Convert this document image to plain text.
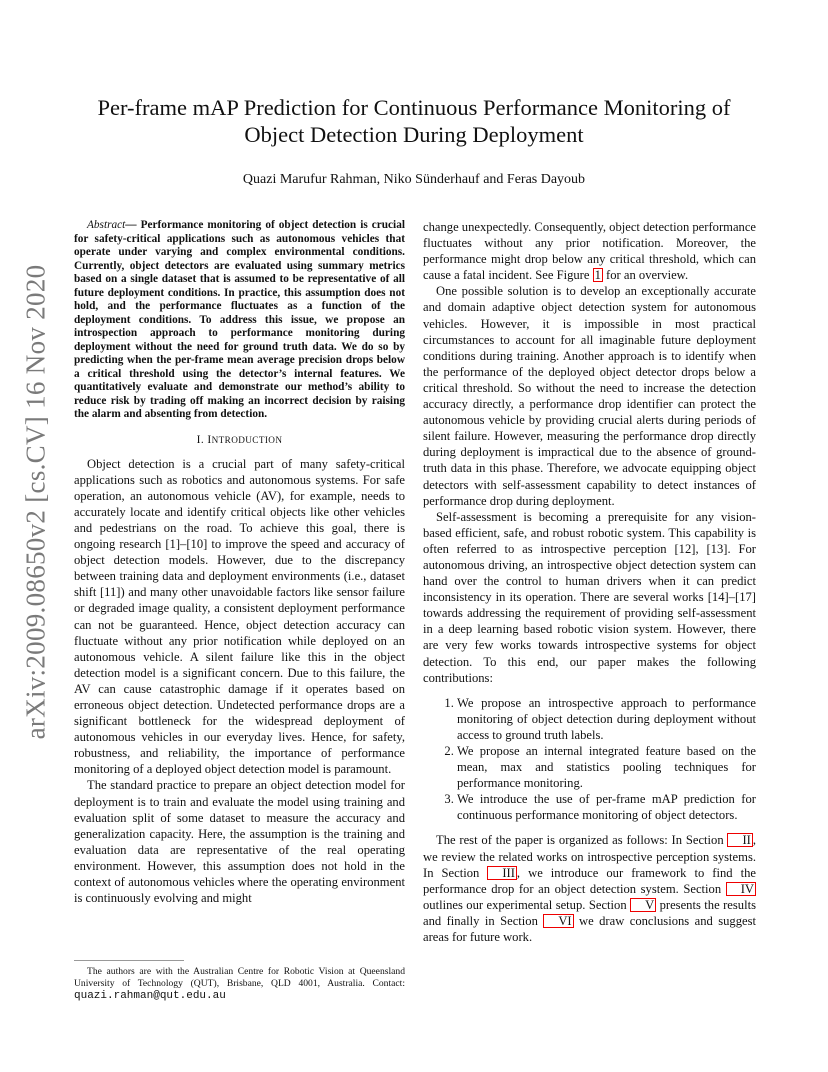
arXiv:2009.08650v2 [cs.CV] 16 Nov 2020
Per-frame mAP Prediction for Continuous Performance Monitoring of
Object Detection During Deployment
Quazi Marufur Rahman, Niko Sünderhauf and Feras Dayoub

Abstract— Performance monitoring of object detection is crucial for safety-critical applications such as autonomous vehicles that operate under varying and complex environmental conditions. Currently, object detectors are evaluated using summary metrics based on a single dataset that is assumed to be representative of all future deployment conditions. In practice, this assumption does not hold, and the performance fluctuates as a function of the deployment conditions. To address this issue, we propose an introspection approach to performance monitoring during deployment without the need for ground truth data. We do so by predicting when the per-frame mean average precision drops below a critical threshold using the detector’s internal features. We quantitatively evaluate and demonstrate our method’s ability to reduce risk by trading off making an incorrect decision by raising the alarm and absenting from detection.

I. INTRODUCTION

Object detection is a crucial part of many safety-critical applications such as robotics and autonomous systems. For safe operation, an autonomous vehicle (AV), for example, needs to accurately locate and identify critical objects like other vehicles and pedestrians on the road. To achieve this goal, there is ongoing research [1]–[10] to improve the speed and accuracy of object detection models. However, due to the discrepancy between training data and deployment environments (i.e., dataset shift [11]) and many other unavoidable factors like sensor failure or degraded image quality, a consistent deployment performance can not be guaranteed. Hence, object detection accuracy can fluctuate without any prior notification while deployed on an autonomous vehicle. A silent failure like this in the object detection model is a significant concern. Due to this failure, the AV can cause catastrophic damage if it operates based on erroneous object detection. Undetected performance drops are a significant bottleneck for the widespread deployment of autonomous vehicles in our everyday lives. Hence, for safety, robustness, and reliability, the importance of performance monitoring of a deployed object detection model is paramount.

The standard practice to prepare an object detection model for deployment is to train and evaluate the model using training and evaluation split of some dataset to measure the accuracy and generalization capacity. Here, the assumption is the training and evaluation data are representative of the real operating environment. However, this assumption does not hold in the context of autonomous vehicles where the operating environment is continuously evolving and might

change unexpectedly. Consequently, object detection performance fluctuates without any prior notification. Moreover, the performance might drop below any critical threshold, which can cause a fatal incident. See Figure 1 for an overview.

One possible solution is to develop an exceptionally accurate and domain adaptive object detection system for autonomous vehicles. However, it is impossible in most practical circumstances to account for all imaginable future deployment conditions during training. Another approach is to identify when the performance of the deployed object detector drops below a critical threshold. So without the need to increase the detection accuracy directly, a performance drop identifier can protect the autonomous vehicle by providing crucial alerts during periods of silent failure. However, measuring the performance drop directly during deployment is impractical due to the absence of ground-truth data in this phase. Therefore, we advocate equipping object detectors with self-assessment capability to detect instances of performance drop during deployment.

Self-assessment is becoming a prerequisite for any vision-based efficient, safe, and robust robotic system. This capability is often referred to as introspective perception [12], [13]. For autonomous driving, an introspective object detection system can hand over the control to human drivers when it can predict inconsistency in its operation. There are several works [14]–[17] towards addressing the requirement of providing self-assessment in a deep learning based robotic vision system. However, there are very few works towards introspective systems for object detection. To this end, our paper makes the following contributions:

1. We propose an introspective approach to performance monitoring of object detection during deployment without access to ground truth labels.
2. We propose an internal integrated feature based on the mean, max and statistics pooling techniques for performance monitoring.
3. We introduce the use of per-frame mAP prediction for continuous performance monitoring of object detectors.

The rest of the paper is organized as follows: In Section II , we review the related works on introspective perception systems. In Section III , we introduce our framework to find the performance drop for an object detection system. Section IV outlines our experimental setup. Section V presents the results and finally in Section VI we draw conclusions and suggest areas for future work.

The authors are with the Australian Centre for Robotic Vision at Queensland University of Technology (QUT), Brisbane, QLD 4001, Australia. Contact: quazi.rahman@qut.edu.au
